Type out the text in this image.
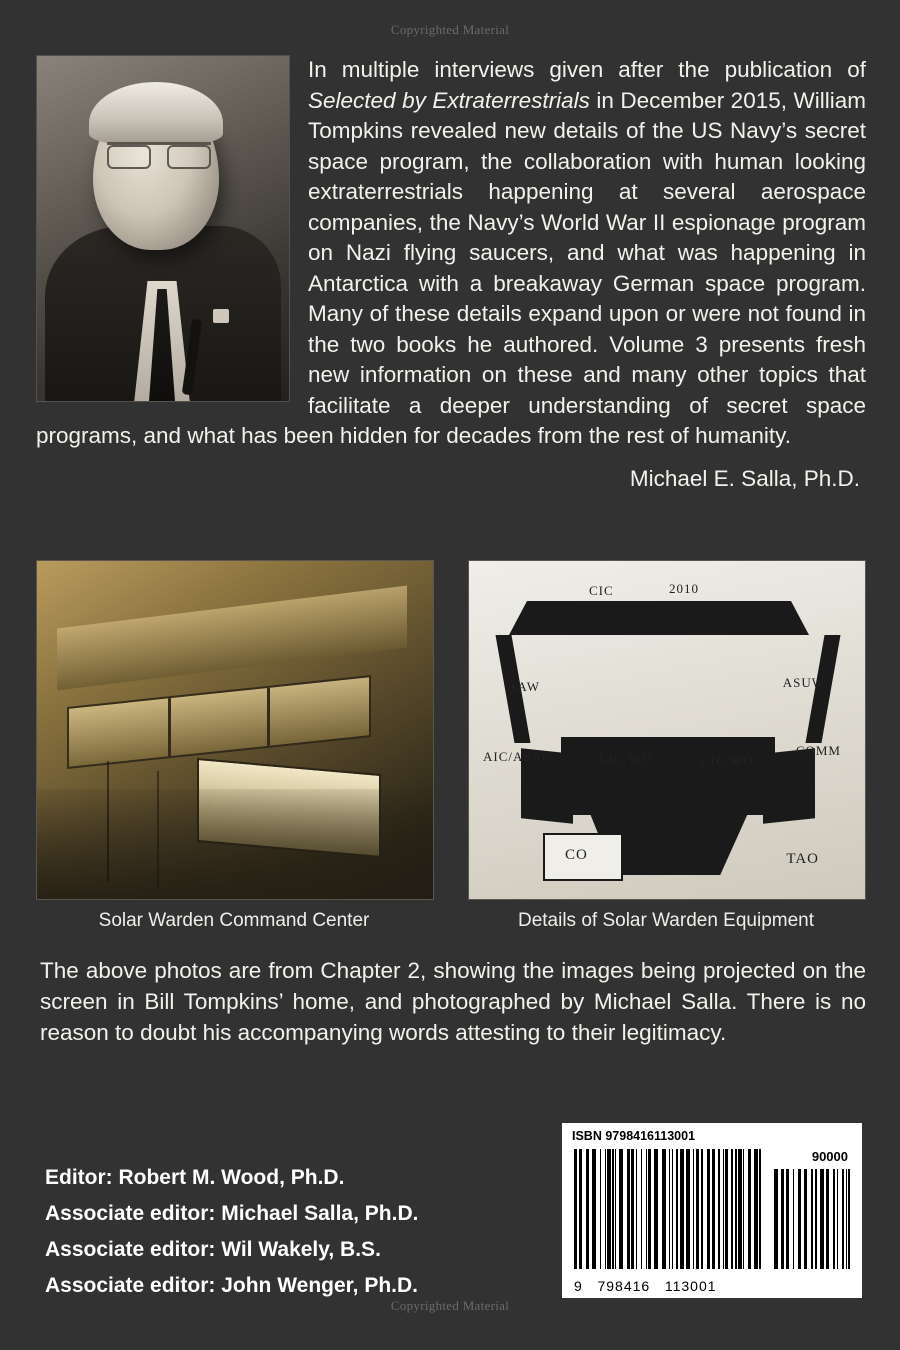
Copyrighted Material
In multiple interviews given after the publication of Selected by Extraterrestrials in December 2015, William Tompkins revealed new details of the US Navy’s secret space program, the collaboration with human looking extraterrestrials happening at several aerospace companies, the Navy’s World War II espionage program on Nazi flying saucers, and what was happening in Antarctica with a breakaway German space program. Many of these details expand upon or were not found in the two books he authored. Volume 3 presents fresh new information on these and many other topics that facilitate a deeper understanding of secret space programs, and what has been hidden for decades from the rest of humanity.
Michael E. Salla, Ph.D.
Solar Warden Command Center
CIC	2010
AAW	ASUW
AIC/ASAC	CIC/WO	CIC/WO
COMM
CO	TAO
Details of Solar Warden Equipment
The above photos are from Chapter 2, showing the images being projected on the screen in Bill Tompkins’ home, and photographed by Michael Salla. There is no reason to doubt his accompanying words attesting to their legitimacy.
Editor: Robert M. Wood, Ph.D.
Associate editor: Michael Salla, Ph.D.
Associate editor: Wil Wakely, B.S.
Associate editor: John Wenger, Ph.D.
ISBN 9798416113001
90000
9 798416 113001
Copyrighted Material
